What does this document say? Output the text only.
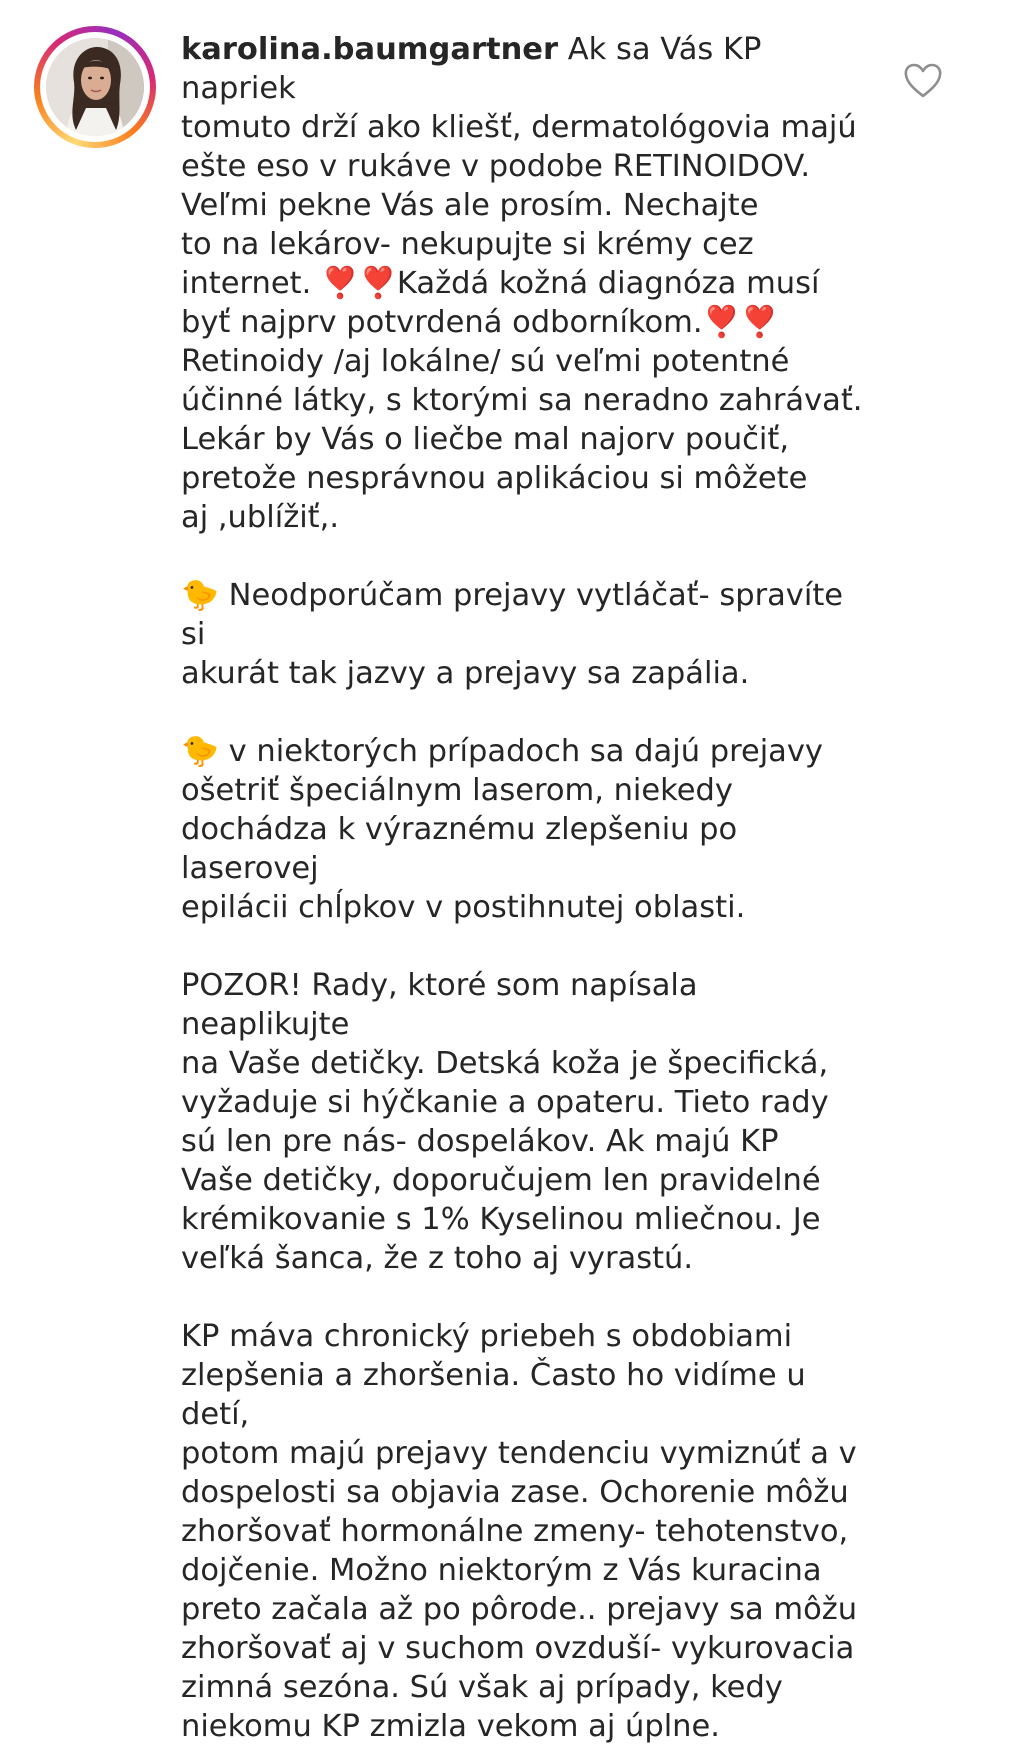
karolina.baumgartner Ak sa Vás KP napriek
tomuto drží ako kliešť, dermatológovia majú
ešte eso v rukáve v podobe RETINOIDOV.
Veľmi pekne Vás ale prosím. Nechajte
to na lekárov- nekupujte si krémy cez
internet. ❣️❣️Každá kožná diagnóza musí
byť najprv potvrdená odborníkom.❣️❣️
Retinoidy /aj lokálne/ sú veľmi potentné
účinné látky, s ktorými sa neradno zahrávať.
Lekár by Vás o liečbe mal najorv poučiť,
pretože nesprávnou aplikáciou si môžete
aj ,ublížiť,.

🐤 Neodporúčam prejavy vytláčať- spravíte si
akurát tak jazvy a prejavy sa zapália.

🐤 v niektorých prípadoch sa dajú prejavy
ošetriť špeciálnym laserom, niekedy
dochádza k výraznému zlepšeniu po laserovej
epilácii chĺpkov v postihnutej oblasti.

POZOR! Rady, ktoré som napísala neaplikujte
na Vaše detičky. Detská koža je špecifická,
vyžaduje si hýčkanie a opateru. Tieto rady
sú len pre nás- dospelákov. Ak majú KP
Vaše detičky, doporučujem len pravidelné
krémikovanie s 1% Kyselinou mliečnou. Je
veľká šanca, že z toho aj vyrastú.

KP máva chronický priebeh s obdobiami
zlepšenia a zhoršenia. Často ho vidíme u detí,
potom majú prejavy tendenciu vymiznúť a v
dospelosti sa objavia zase. Ochorenie môžu
zhoršovať hormonálne zmeny- tehotenstvo,
dojčenie. Možno niektorým z Vás kuracina
preto začala až po pôrode.. prejavy sa môžu
zhoršovať aj v suchom ovzduší- vykurovacia
zimná sezóna. Sú však aj prípady, kedy
niekomu KP zmizla vekom aj úplne.
